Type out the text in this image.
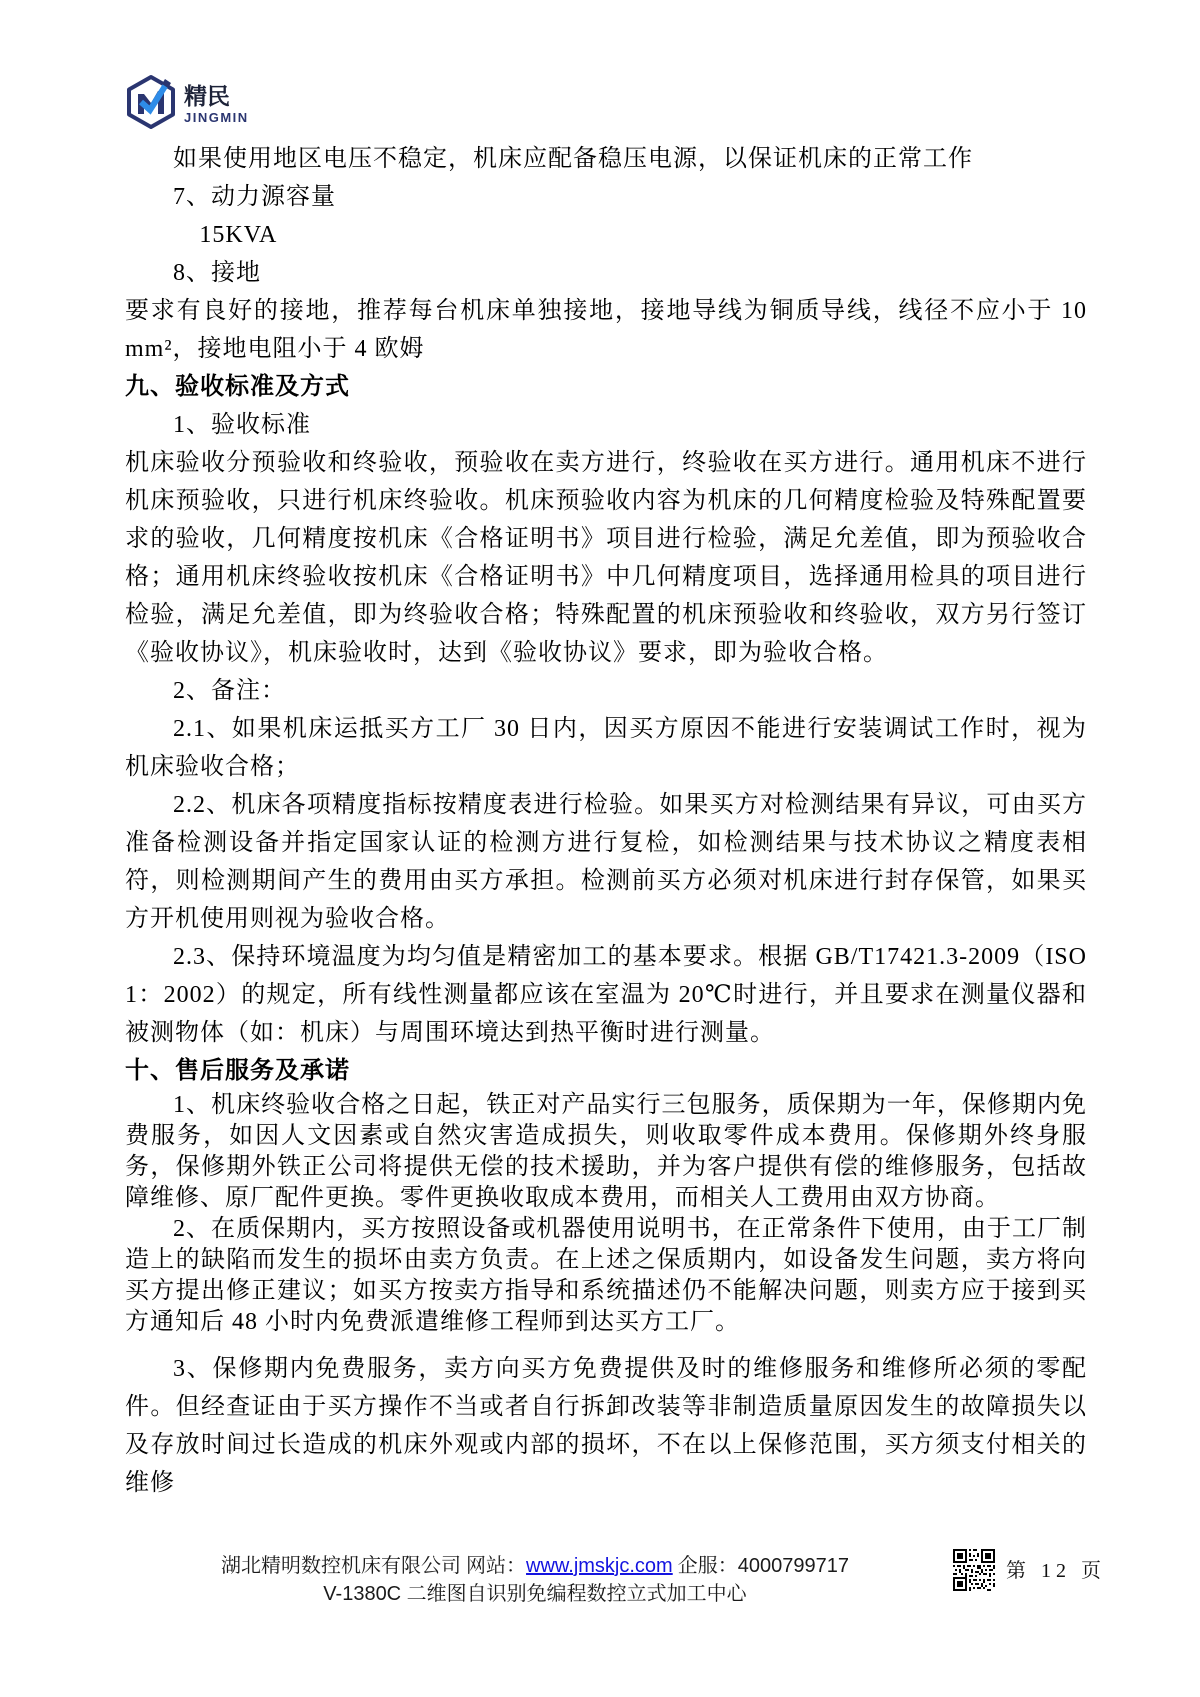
精民
JINGMIN

如果使用地区电压不稳定，机床应配备稳压电源，以保证机床的正常工作

7、动力源容量

15KVA

8、接地

要求有良好的接地，推荐每台机床单独接地，接地导线为铜质导线，线径不应小于 10 mm²，接地电阻小于 4 欧姆

九、验收标准及方式

1、验收标准

机床验收分预验收和终验收，预验收在卖方进行，终验收在买方进行。通用机床不进行机床预验收，只进行机床终验收。机床预验收内容为机床的几何精度检验及特殊配置要求的验收，几何精度按机床《合格证明书》项目进行检验，满足允差值，即为预验收合格；通用机床终验收按机床《合格证明书》中几何精度项目，选择通用检具的项目进行检验，满足允差值，即为终验收合格；特殊配置的机床预验收和终验收，双方另行签订《验收协议》，机床验收时，达到《验收协议》要求，即为验收合格。

2、备注：

2.1、如果机床运抵买方工厂 30 日内，因买方原因不能进行安装调试工作时，视为机床验收合格；

2.2、机床各项精度指标按精度表进行检验。如果买方对检测结果有异议，可由买方准备检测设备并指定国家认证的检测方进行复检，如检测结果与技术协议之精度表相符，则检测期间产生的费用由买方承担。检测前买方必须对机床进行封存保管，如果买方开机使用则视为验收合格。

2.3、保持环境温度为均匀值是精密加工的基本要求。根据 GB/T17421.3-2009（ISO 1：2002）的规定，所有线性测量都应该在室温为 20℃时进行，并且要求在测量仪器和被测物体（如：机床）与周围环境达到热平衡时进行测量。

十、售后服务及承诺

1、机床终验收合格之日起，铁正对产品实行三包服务，质保期为一年，保修期内免费服务，如因人文因素或自然灾害造成损失，则收取零件成本费用。保修期外终身服务，保修期外铁正公司将提供无偿的技术援助，并为客户提供有偿的维修服务，包括故障维修、原厂配件更换。零件更换收取成本费用，而相关人工费用由双方协商。

2、在质保期内，买方按照设备或机器使用说明书，在正常条件下使用，由于工厂制造上的缺陷而发生的损坏由卖方负责。在上述之保质期内，如设备发生问题，卖方将向买方提出修正建议；如买方按卖方指导和系统描述仍不能解决问题，则卖方应于接到买方通知后 48 小时内免费派遣维修工程师到达买方工厂。

3、保修期内免费服务，卖方向买方免费提供及时的维修服务和维修所必须的零配件。但经查证由于买方操作不当或者自行拆卸改装等非制造质量原因发生的故障损失以及存放时间过长造成的机床外观或内部的损坏，不在以上保修范围，买方须支付相关的维修

湖北精明数控机床有限公司 网站：www.jmskjc.com 企服：4000799717
V-1380C 二维图自识别免编程数控立式加工中心
第 12 页
